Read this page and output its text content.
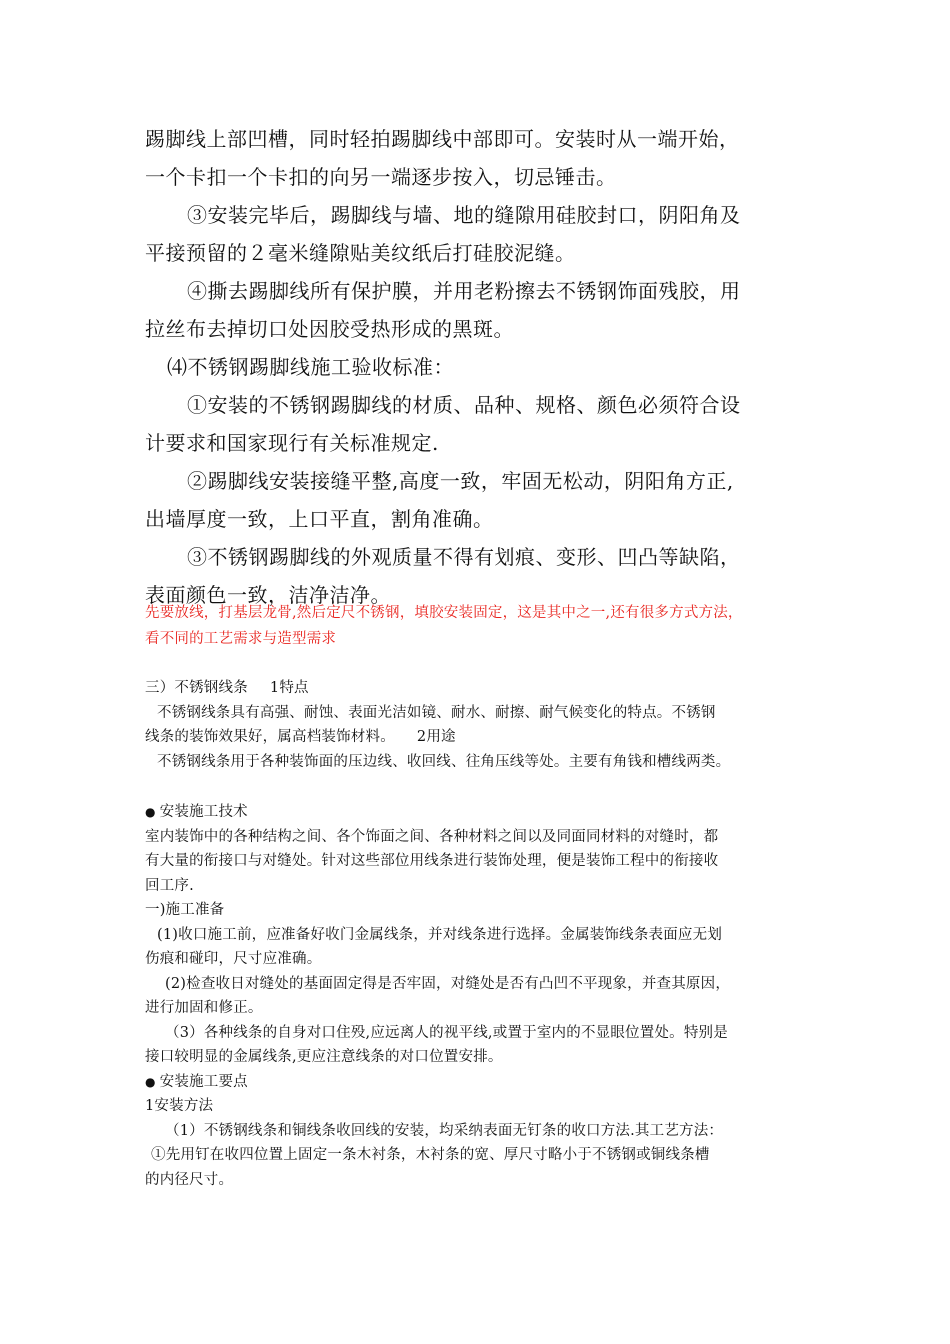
踢脚线上部凹槽，同时轻拍踢脚线中部即可。安装时从一端开始，

一个卡扣一个卡扣的向另一端逐步按入，切忌锤击。

③安装完毕后，踢脚线与墙、地的缝隙用硅胶封口，阴阳角及

平接预留的２毫米缝隙贴美纹纸后打硅胶泥缝。

④撕去踢脚线所有保护膜，并用老粉擦去不锈钢饰面残胶，用

拉丝布去掉切口处因胶受热形成的黑斑。

⑷不锈钢踢脚线施工验收标准：

①安装的不锈钢踢脚线的材质、品种、规格、颜色必须符合设

计要求和国家现行有关标准规定.

②踢脚线安装接缝平整,高度一致，牢固无松动，阴阳角方正,

出墙厚度一致，上口平直，割角准确。

③不锈钢踢脚线的外观质量不得有划痕、变形、凹凸等缺陷，

表面颜色一致，洁净洁净。

先要放线，打基层龙骨,然后定尺不锈钢，填胶安装固定，这是其中之一,还有很多方式方法，

看不同的工艺需求与造型需求

三）不锈钢线条 1特点

不锈钢线条具有高强、耐蚀、表面光洁如镜、耐水、耐擦、耐气候变化的特点。不锈钢

线条的装饰效果好，属高档装饰材料。 2用途

不锈钢线条用于各种装饰面的压边线、收回线、往角压线等处。主要有角钱和槽线两类。

● 安装施工技术

室内装饰中的各种结构之间、各个饰面之间、各种材料之间以及同面同材料的对缝时，都

有大量的衔接口与对缝处。针对这些部位用线条进行装饰处理，便是装饰工程中的衔接收

回工序.

一)施工准备

(1)收口施工前，应准备好收门金属线条，并对线条进行选择。金属装饰线条表面应无划

伤痕和碰印，尺寸应准确。

(2)检查收日对缝处的基面固定得是否牢固，对缝处是否有凸凹不平现象，并查其原因，

进行加固和修正。

（3）各种线条的自身对口住殁,应远离人的视平线,或置于室内的不显眼位置处。特别是

接口较明显的金属线条,更应注意线条的对口位置安排。

● 安装施工要点

1安装方法

（1）不锈钢线条和铜线条收回线的安装，均采纳表面无钉条的收口方法.其工艺方法：

①先用钉在收四位置上固定一条木衬条，木衬条的宽、厚尺寸略小于不锈钢或铜线条槽

的内径尺寸。
